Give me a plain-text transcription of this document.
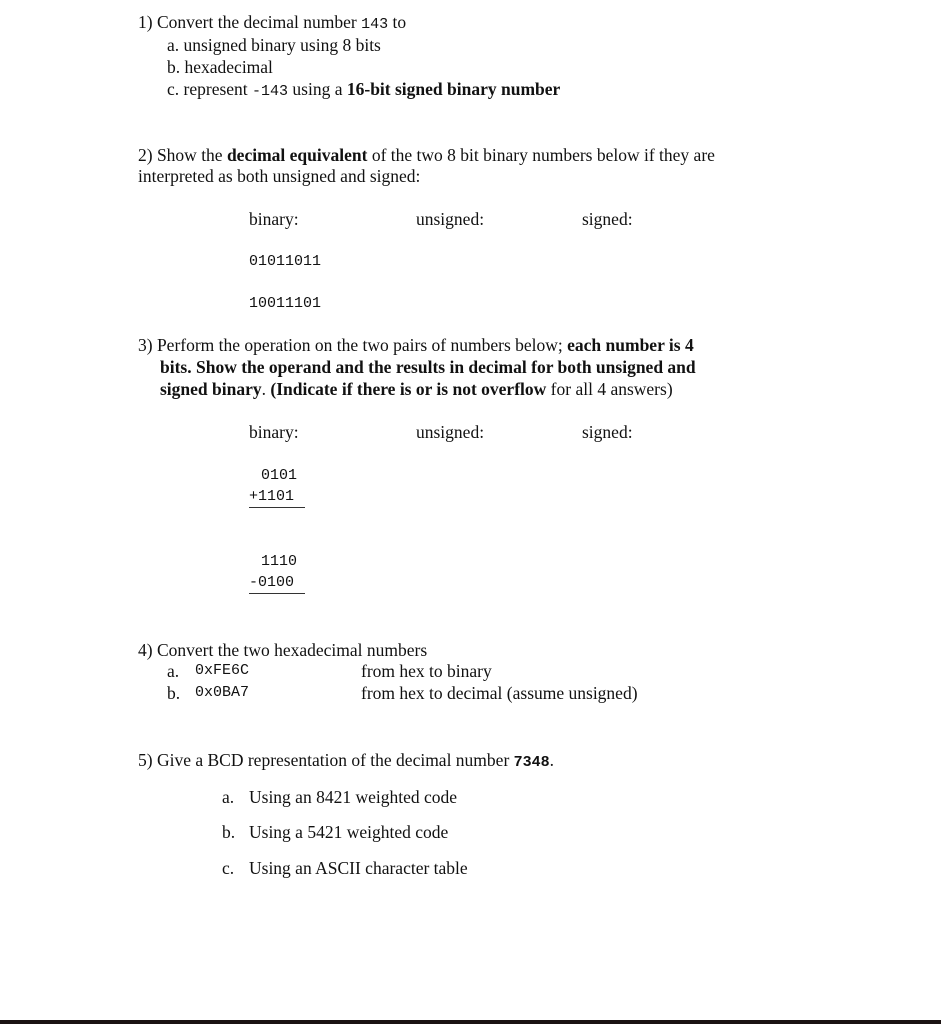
1) Convert the decimal number 143 to
a. unsigned binary using 8 bits
b. hexadecimal
c. represent -143 using a 16-bit signed binary number
2) Show the decimal equivalent of the two 8 bit binary numbers below if they are
interpreted as both unsigned and signed:
binary:	unsigned:	signed:
01011011
10011101
3) Perform the operation on the two pairs of numbers below; each number is 4
bits. Show the operand and the results in decimal for both unsigned and
signed binary. (Indicate if there is or is not overflow for all 4 answers)
binary:	unsigned:	signed:
0101
+1101
1110
-0100
4) Convert the two hexadecimal numbers
a. 0xFE6C	from hex to binary
b. 0x0BA7	from hex to decimal (assume unsigned)
5) Give a BCD representation of the decimal number 7348.
a. Using an 8421 weighted code
b. Using a 5421 weighted code
c. Using an ASCII character table
